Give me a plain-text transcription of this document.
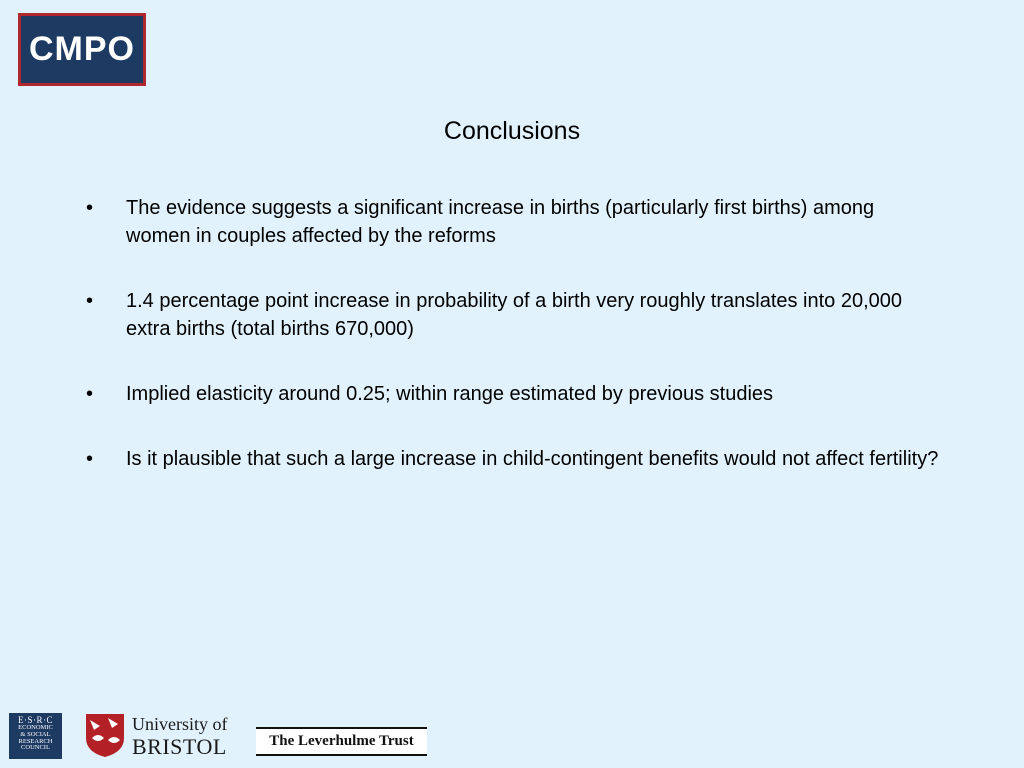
CMPO
Conclusions
• The evidence suggests a significant increase in births (particularly first births) among women in couples affected by the reforms
• 1.4 percentage point increase in probability of a birth very roughly translates into 20,000 extra births (total births 670,000)
• Implied elasticity around 0.25; within range estimated by previous studies
• Is it plausible that such a large increase in child-contingent benefits would not affect fertility?
E·S·R·C
ECONOMIC
& SOCIAL
RESEARCH
COUNCIL
University of
BRISTOL	The Leverhulme Trust
